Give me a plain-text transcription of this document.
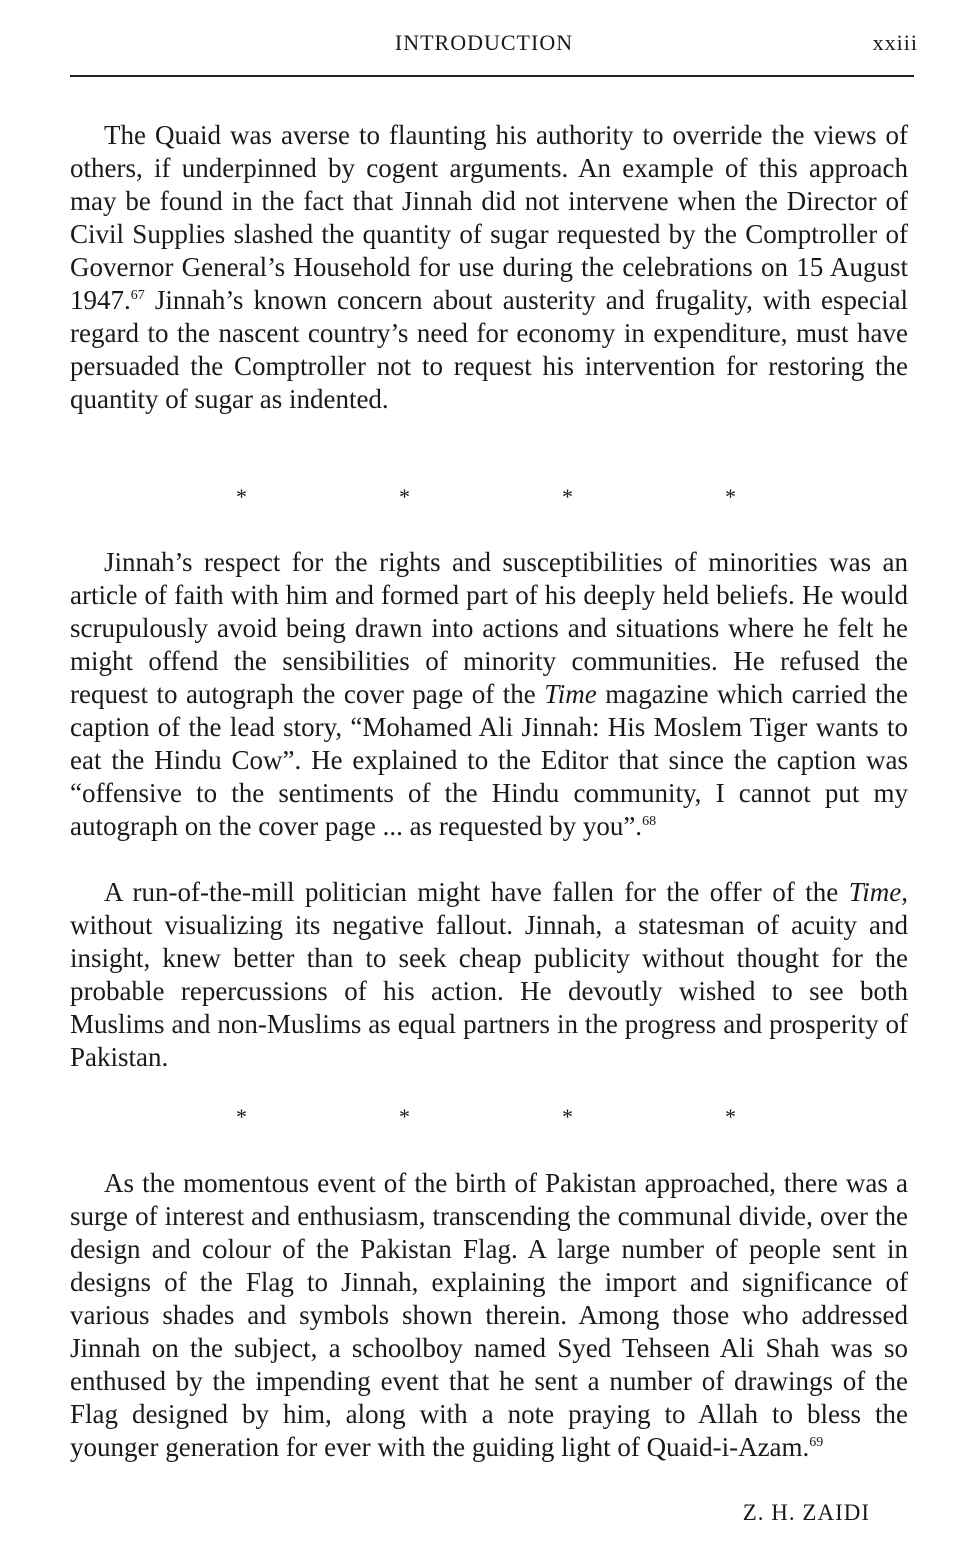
INTRODUCTION	xxiii

The Quaid was averse to flaunting his authority to override the views of others, if underpinned by cogent arguments. An example of this approach may be found in the fact that Jinnah did not intervene when the Director of Civil Supplies slashed the quantity of sugar requested by the Comptroller of Governor General’s Household for use during the celebrations on 15 August 1947.67 Jinnah’s known concern about austerity and frugality, with especial regard to the nascent country’s need for economy in expenditure, must have persuaded the Comptroller not to request his intervention for restoring the quantity of sugar as indented.

*	*	*	*

Jinnah’s respect for the rights and susceptibilities of minorities was an article of faith with him and formed part of his deeply held beliefs. He would scrupulously avoid being drawn into actions and situations where he felt he might offend the sensibilities of minority communities. He refused the request to autograph the cover page of the Time magazine which carried the caption of the lead story, “Mohamed Ali Jinnah: His Moslem Tiger wants to eat the Hindu Cow”. He explained to the Editor that since the caption was “offensive to the sentiments of the Hindu community, I cannot put my autograph on the cover page ... as requested by you”.$^{68}$

A run-of-the-mill politician might have fallen for the offer of the Time, without visualizing its negative fallout. Jinnah, a statesman of acuity and insight, knew better than to seek cheap publicity without thought for the probable repercussions of his action. He devoutly wished to see both Muslims and non-Muslims as equal partners in the progress and prosperity of Pakistan.

*	*	*	*

As the momentous event of the birth of Pakistan approached, there was a surge of interest and enthusiasm, transcending the communal divide, over the design and colour of the Pakistan Flag. A large number of people sent in designs of the Flag to Jinnah, explaining the import and significance of various shades and symbols shown therein. Among those who addressed Jinnah on the subject, a schoolboy named Syed Tehseen Ali Shah was so enthused by the impending event that he sent a number of drawings of the Flag designed by him, along with a note praying to Allah to bless the younger generation for ever with the guiding light of Quaid-i-Azam.$^{69}$

Z. H. ZAIDI
